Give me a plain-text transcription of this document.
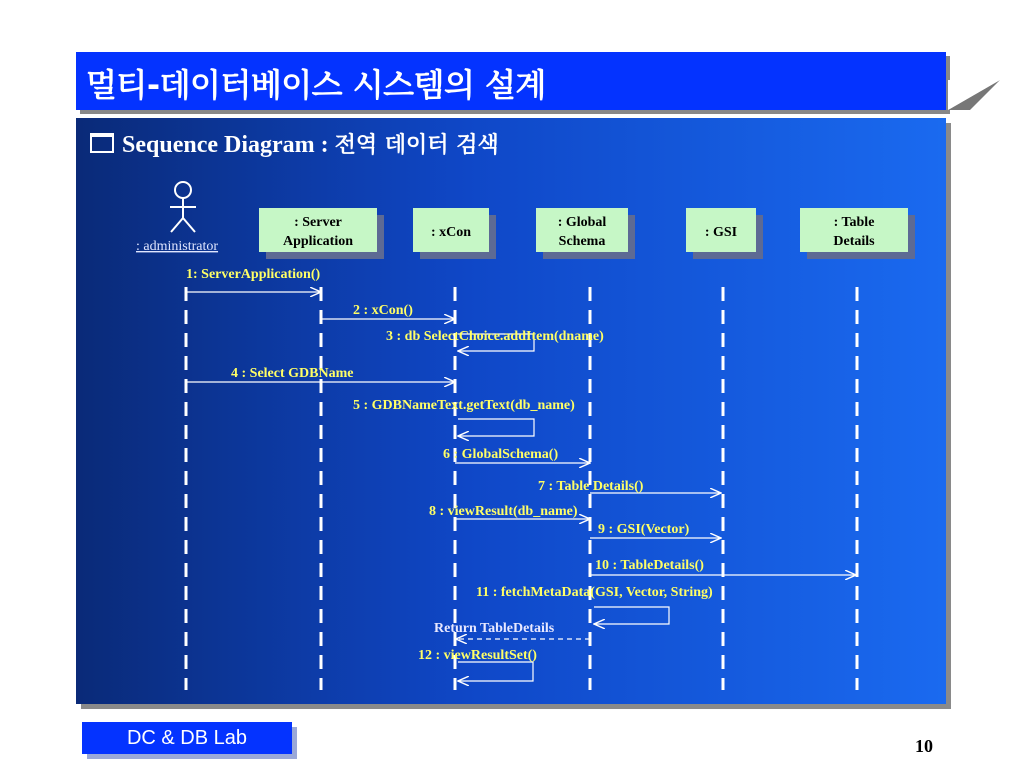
멀티-데이터베이스 시스템의 설계
Sequence Diagram : 전역 데이터 검색
: administrator
: Server Application
: xCon
: Global Schema
: GSI
: Table Details
1: ServerApplication()
2 : xCon()
3 : db SelectChoice.addItem(dname)
4 : Select GDBName
5 : GDBNameText.getText(db_name)
6 : GlobalSchema()
7 : Table Details()
8 : viewResult(db_name)
9 : GSI(Vector)
10 : TableDetails()
11 : fetchMetaData(GSI, Vector, String)
Return TableDetails
12 : viewResultSet()
DC & DB Lab	10
